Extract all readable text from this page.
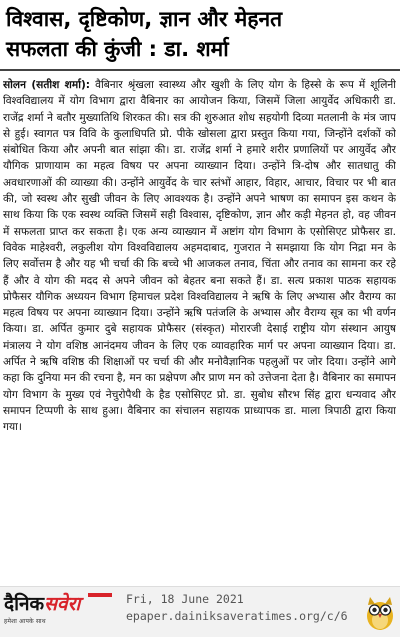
विश्वास, दृष्टिकोण, ज्ञान और मेहनत
सफलता की कुंजी : डा. शर्मा
सोलन (सतीश शर्मा): वैबिनार श्रृंखला स्वास्थ्य और खुशी के लिए योग के हिस्से के रूप में शूलिनी विश्वविद्यालय में योग विभाग द्वारा वैबिनार का आयोजन किया, जिसमें जिला आयुर्वेद अधिकारी डा. राजेंद्र शर्मा ने बतौर मुख्यातिथि शिरकत की। सत्र की शुरुआत शोध सहयोगी दिव्या मतलानी के मंत्र जाप से हुई। स्वागत पत्र विवि के कुलाधिपति प्रो. पीके खोसला द्वारा प्रस्तुत किया गया, जिन्होंने दर्शकों को संबोधित किया और अपनी बात सांझा की। डा. राजेंद्र शर्मा ने हमारे शरीर प्रणालियों पर आयुर्वेद और यौगिक प्राणायाम का महत्व विषय पर अपना व्याख्यान दिया। उन्होंने त्रि-दोष और सातधातु की अवधारणाओं की व्याख्या की। उन्होंने आयुर्वेद के चार स्तंभों आहार, विहार, आचार, विचार पर भी बात की, जो स्वस्थ और सुखी जीवन के लिए आवश्यक है। उन्होंने अपने भाषण का समापन इस कथन के साथ किया कि एक स्वस्थ व्यक्ति जिसमें सही विश्वास, दृष्टिकोण, ज्ञान और कड़ी मेहनत हो, वह जीवन में सफलता प्राप्त कर सकता है। एक अन्य व्याख्यान में अष्टांग योग विभाग के एसोसिएट प्रोफैसर डा. विवेक माहेश्वरी, लकुलीश योग विश्वविद्यालय अहमदाबाद, गुजरात ने समझाया कि योग निद्रा मन के लिए सर्वोत्तम है और यह भी चर्चा की कि बच्चे भी आजकल तनाव, चिंता और तनाव का सामना कर रहे हैं और वे योग की मदद से अपने जीवन को बेहतर बना सकते हैं। डा. सत्य प्रकाश पाठक सहायक प्रोफैसर यौगिक अध्ययन विभाग हिमाचल प्रदेश विश्वविद्यालय ने ऋषि के लिए अभ्यास और वैराग्य का महत्व विषय पर अपना व्याख्यान दिया। उन्होंने ऋषि पतंजलि के अभ्यास और वैराग्य सूत्र का भी वर्णन किया। डा. अर्पित कुमार दुबे सहायक प्रोफैसर (संस्कृत) मोरारजी देसाई राष्ट्रीय योग संस्थान आयुष मंत्रालय ने योग वशिष्ठ आनंदमय जीवन के लिए एक व्यावहारिक मार्ग पर अपना व्याख्यान दिया। डा. अर्पित ने ऋषि वशिष्ठ की शिक्षाओं पर चर्चा की और मनोवैज्ञानिक पहलुओं पर जोर दिया। उन्होंने आगे कहा कि दुनिया मन की रचना है, मन का प्रक्षेपण और प्राण मन को उत्तेजना देता है। वैबिनार का समापन योग विभाग के मुख्य एवं नेचुरोपैथी के हैड एसोसिएट प्रो. डा. सुबोध सौरभ सिंह द्वारा धन्यवाद और समापन टिप्पणी के साथ हुआ। वैबिनार का संचालन सहायक प्राध्यापक डा. माला त्रिपाठी द्वारा किया गया।
दैनिकसवेरा
हमेशा आपके साथ
Fri, 18 June 2021
epaper.dainiksaveratimes.org/c/6
